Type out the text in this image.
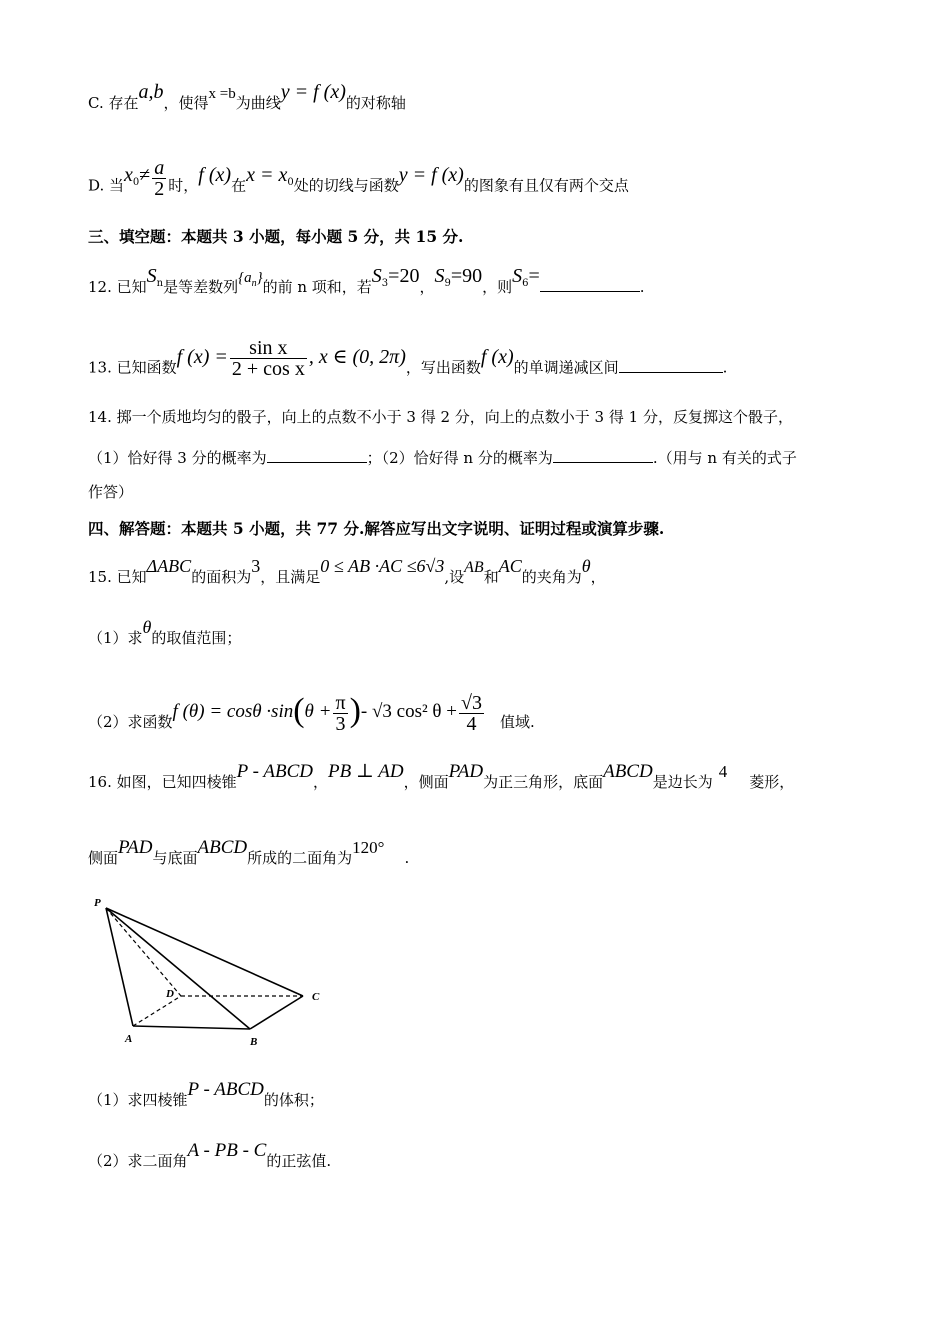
C. 存在a,b，使得x =b为曲线y = f (x)的对称轴
D. 当$x^0\ne \frac{a}{2}$ 时，f (x)在$x = x^0$处的切线与函数y = f (x)的图象有且仅有两个交点
三、填空题：本题共 3 小题，每小题 5 分，共 15 分.
12. 已知$S^n$是等差数列$\{a_n\}$的前 n 项和，若$S^3=20$，$S^9=90$，则$S^6=$	.
13. 已知函数f $(x) = \frac{\text{sin x}}{\text{2 + cos x}}$ , x ∈ (0, 2π)，写出函数f (x)的单调递减区间	.
14. 掷一个质地均匀的骰子，向上的点数不小于 3 得 2 分，向上的点数小于 3 得 1 分，反复掷这个骰子，
（1）恰好得 3 分的概率为	；（2）恰好得 n 分的概率为	.（用与 n 有关的式子
作答）
四、解答题：本题共 5 小题，共 77 分.解答应写出文字说明、证明过程或演算步骤.
15. 已知ΔABC的面积为3，且满足0 ≤ AB ·AC ≤6√3,设AB和AC的夹角为θ，
（1）求θ的取值范围；
（2）求函数f $(\theta) = \cos\theta \cdot\sin(\theta + \frac{\pi}{3}$ )- √3 cos² $\theta + \frac{√3}{4}$ 值域.
16. 如图，已知四棱锥P - ABCD，PB ⊥ AD，侧面PAD为正三角形，底面ABCD是边长为4菱形，
侧面PAD与底面ABCD所成的二面角为120°.
P
D	C
A	B
（1）求四棱锥P - ABCD的体积；
（2）求二面角A - PB - C的正弦值.
